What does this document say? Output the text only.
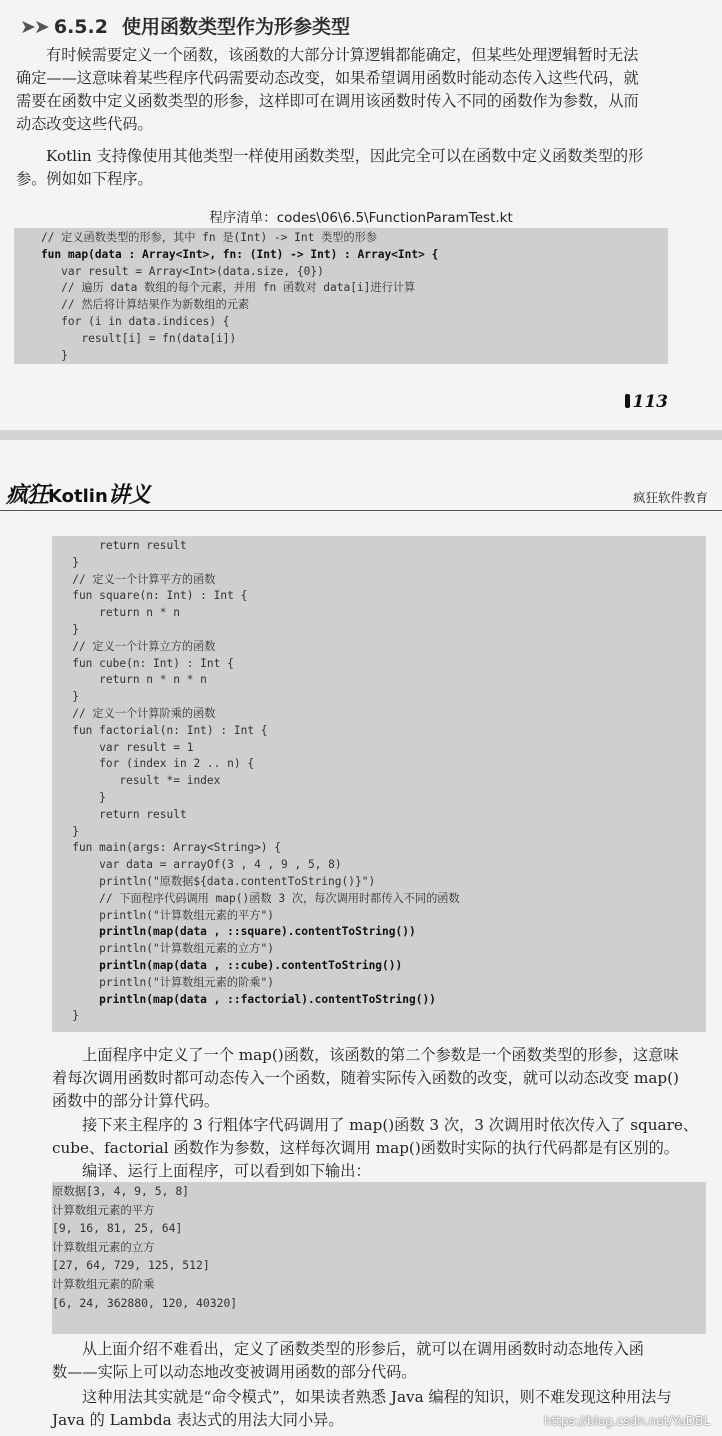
➤➤ 6.5.2 使用函数类型作为形参类型
有时候需要定义一个函数，该函数的大部分计算逻辑都能确定，但某些处理逻辑暂时无法
确定——这意味着某些程序代码需要动态改变，如果希望调用函数时能动态传入这些代码，就
需要在函数中定义函数类型的形参，这样即可在调用该函数时传入不同的函数作为参数，从而
动态改变这些代码。
Kotlin 支持像使用其他类型一样使用函数类型，因此完全可以在函数中定义函数类型的形
参。例如如下程序。
程序清单：codes\06\6.5\FunctionParamTest.kt
// 定义函数类型的形参，其中 fn 是(Int) -> Int 类型的形参
fun map(data : Array<Int>, fn: (Int) -> Int) : Array<Int> {
var result = Array<Int>(data.size, {0})
// 遍历 data 数组的每个元素，并用 fn 函数对 data[i]进行计算
// 然后将计算结果作为新数组的元素
for (i in data.indices) {
result[i] = fn(data[i])
}
113
疯狂Kotlin讲义	疯狂软件教育
return result
}
// 定义一个计算平方的函数
fun square(n: Int) : Int {
return n * n
}
// 定义一个计算立方的函数
fun cube(n: Int) : Int {
return n * n * n
}
// 定义一个计算阶乘的函数
fun factorial(n: Int) : Int {
var result = 1
for (index in 2 .. n) {
result *= index
}
return result
}
fun main(args: Array<String>) {
var data = arrayOf(3 , 4 , 9 , 5, 8)
println("原数据${data.contentToString()}")
// 下面程序代码调用 map()函数 3 次，每次调用时都传入不同的函数
println("计算数组元素的平方")
println(map(data , ::square).contentToString())
println("计算数组元素的立方")
println(map(data , ::cube).contentToString())
println("计算数组元素的阶乘")
println(map(data , ::factorial).contentToString())
}
上面程序中定义了一个 map()函数，该函数的第二个参数是一个函数类型的形参，这意味
着每次调用函数时都可动态传入一个函数，随着实际传入函数的改变，就可以动态改变 map()
函数中的部分计算代码。
接下来主程序的 3 行粗体字代码调用了 map()函数 3 次，3 次调用时依次传入了 square、
cube、factorial 函数作为参数，这样每次调用 map()函数时实际的执行代码都是有区别的。
编译、运行上面程序，可以看到如下输出：
原数据[3, 4, 9, 5, 8]
计算数组元素的平方
[9, 16, 81, 25, 64]
计算数组元素的立方
[27, 64, 729, 125, 512]
计算数组元素的阶乘
[6, 24, 362880, 120, 40320]
从上面介绍不难看出，定义了函数类型的形参后，就可以在调用函数时动态地传入函
数——实际上可以动态地改变被调用函数的部分代码。
这种用法其实就是“命令模式”，如果读者熟悉 Java 编程的知识，则不难发现这种用法与
Java 的 Lambda 表达式的用法大同小异。	https://blog.csdn.net/YuDBL
